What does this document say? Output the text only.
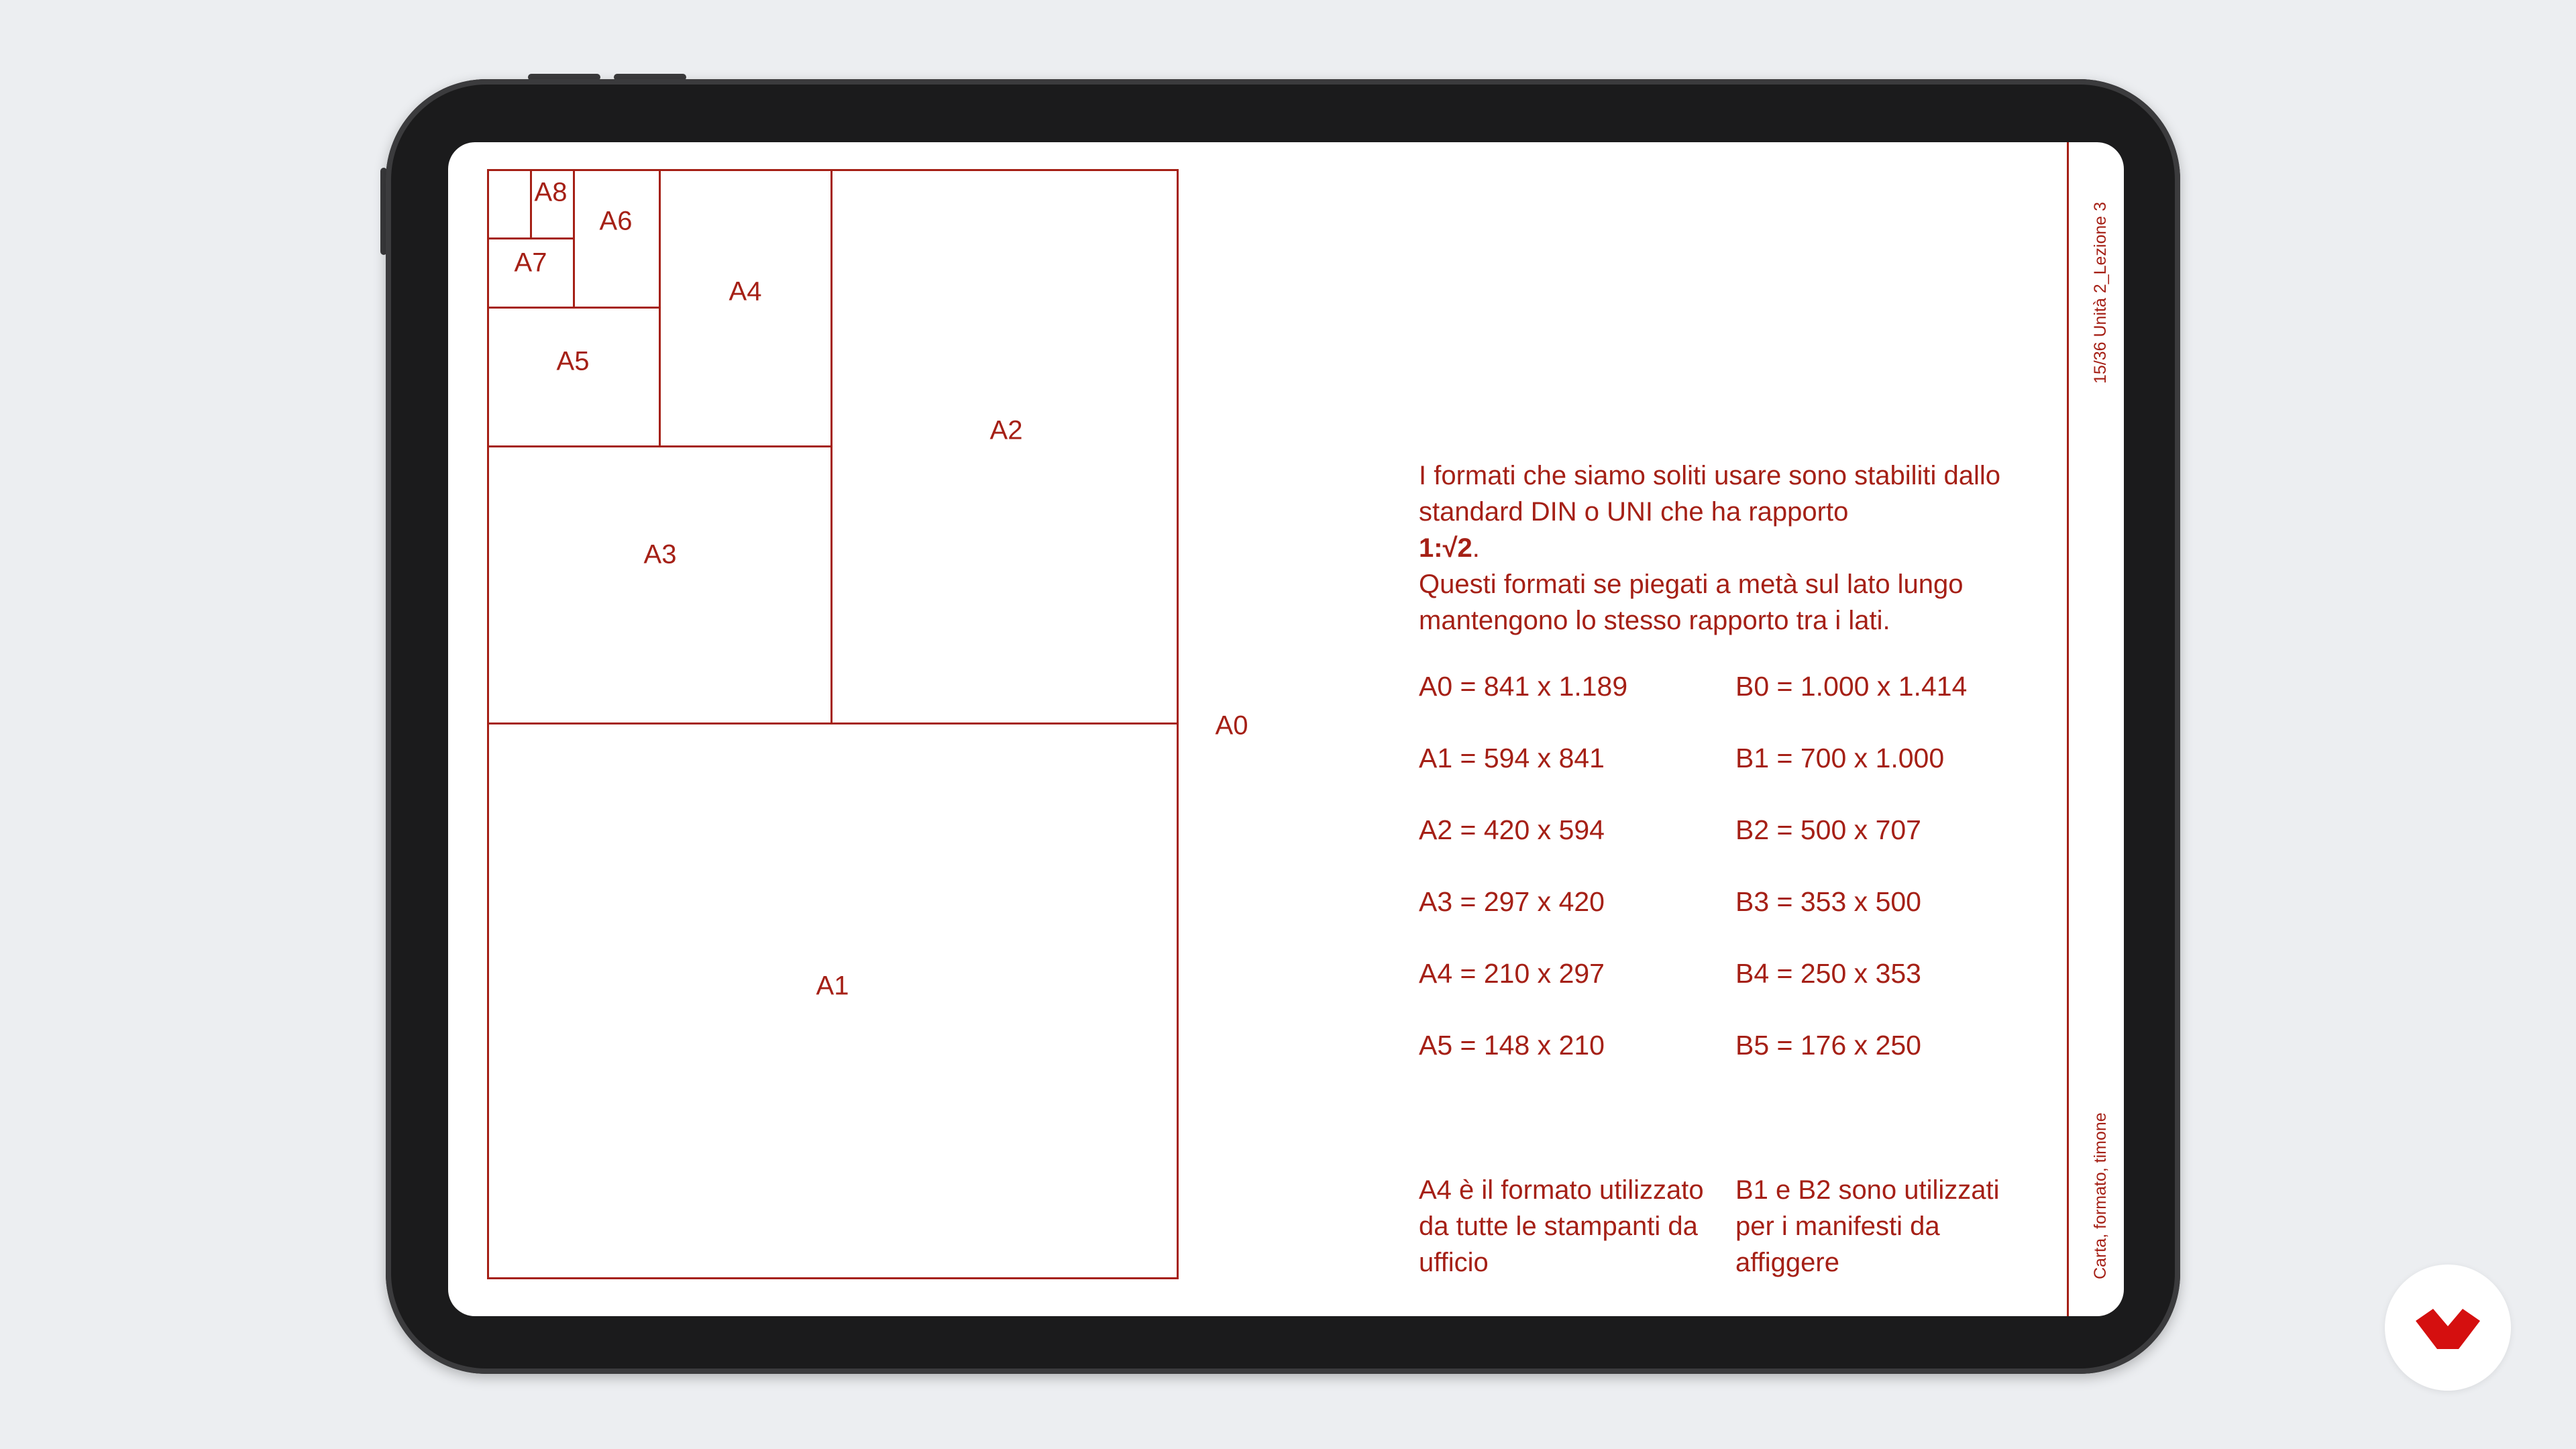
A0
A1
A2
A3
A4
A5
A6
A7
A8

I formati che siamo soliti usare sono stabiliti dallo standard DIN o UNI che ha rapporto
1:√2.

Questi formati se piegati a metà sul lato lungo mantengono lo stesso rapporto tra i lati.

A0 = 841 x 1.189	B0 = 1.000 x 1.414
A1 = 594 x 841	B1 = 700 x 1.000
A2 = 420 x 594	B2 = 500 x 707
A3 = 297 x 420	B3 = 353 x 500
A4 = 210 x 297	B4 = 250 x 353
A5 = 148 x 210	B5 = 176 x 250
A4 è il formato utilizzato da tutte le stampanti da ufficio
B1 e B2 sono utilizzati per i manifesti da affiggere
15/36 Unità 2_Lezione 3
Carta, formato, timone
